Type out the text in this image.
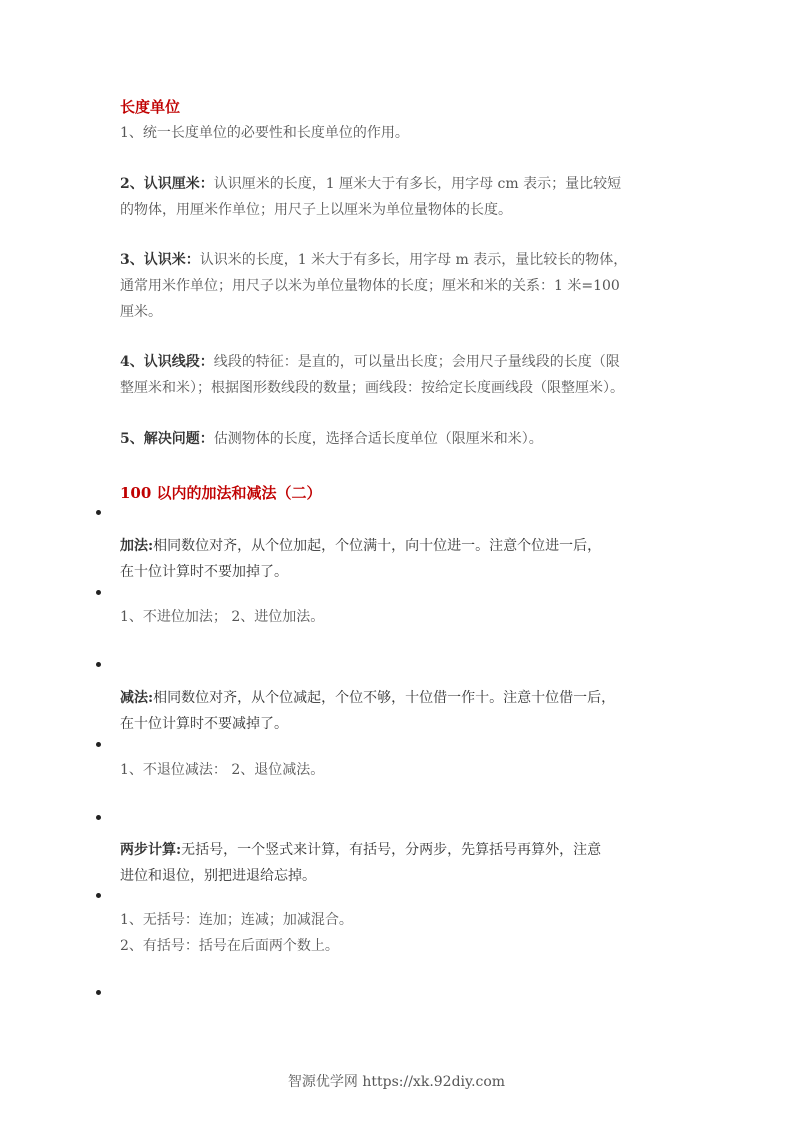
长度单位
1、统一长度单位的必要性和长度单位的作用。
2、认识厘米：认识厘米的长度，1 厘米大于有多长，用字母 cm 表示；量比较短
的物体，用厘米作单位；用尺子上以厘米为单位量物体的长度。
3、认识米：认识米的长度，1 米大于有多长，用字母 m 表示，量比较长的物体，
通常用米作单位；用尺子以米为单位量物体的长度；厘米和米的关系：1 米=100
厘米。
4、认识线段：线段的特征：是直的，可以量出长度；会用尺子量线段的长度（限
整厘米和米）；根据图形数线段的数量；画线段：按给定长度画线段（限整厘米）。
5、解决问题：估测物体的长度，选择合适长度单位（限厘米和米）。
100 以内的加法和减法（二）
加法:相同数位对齐，从个位加起，个位满十，向十位进一。注意个位进一后，
在十位计算时不要加掉了。
1、不进位加法； 2、进位加法。
减法:相同数位对齐，从个位减起，个位不够，十位借一作十。注意十位借一后，
在十位计算时不要减掉了。
1、不退位减法： 2、退位减法。
两步计算:无括号，一个竖式来计算，有括号，分两步，先算括号再算外，注意
进位和退位，别把进退给忘掉。
1、无括号：连加；连减；加减混合。
2、有括号：括号在后面两个数上。
智源优学网 https://xk.92diy.com
